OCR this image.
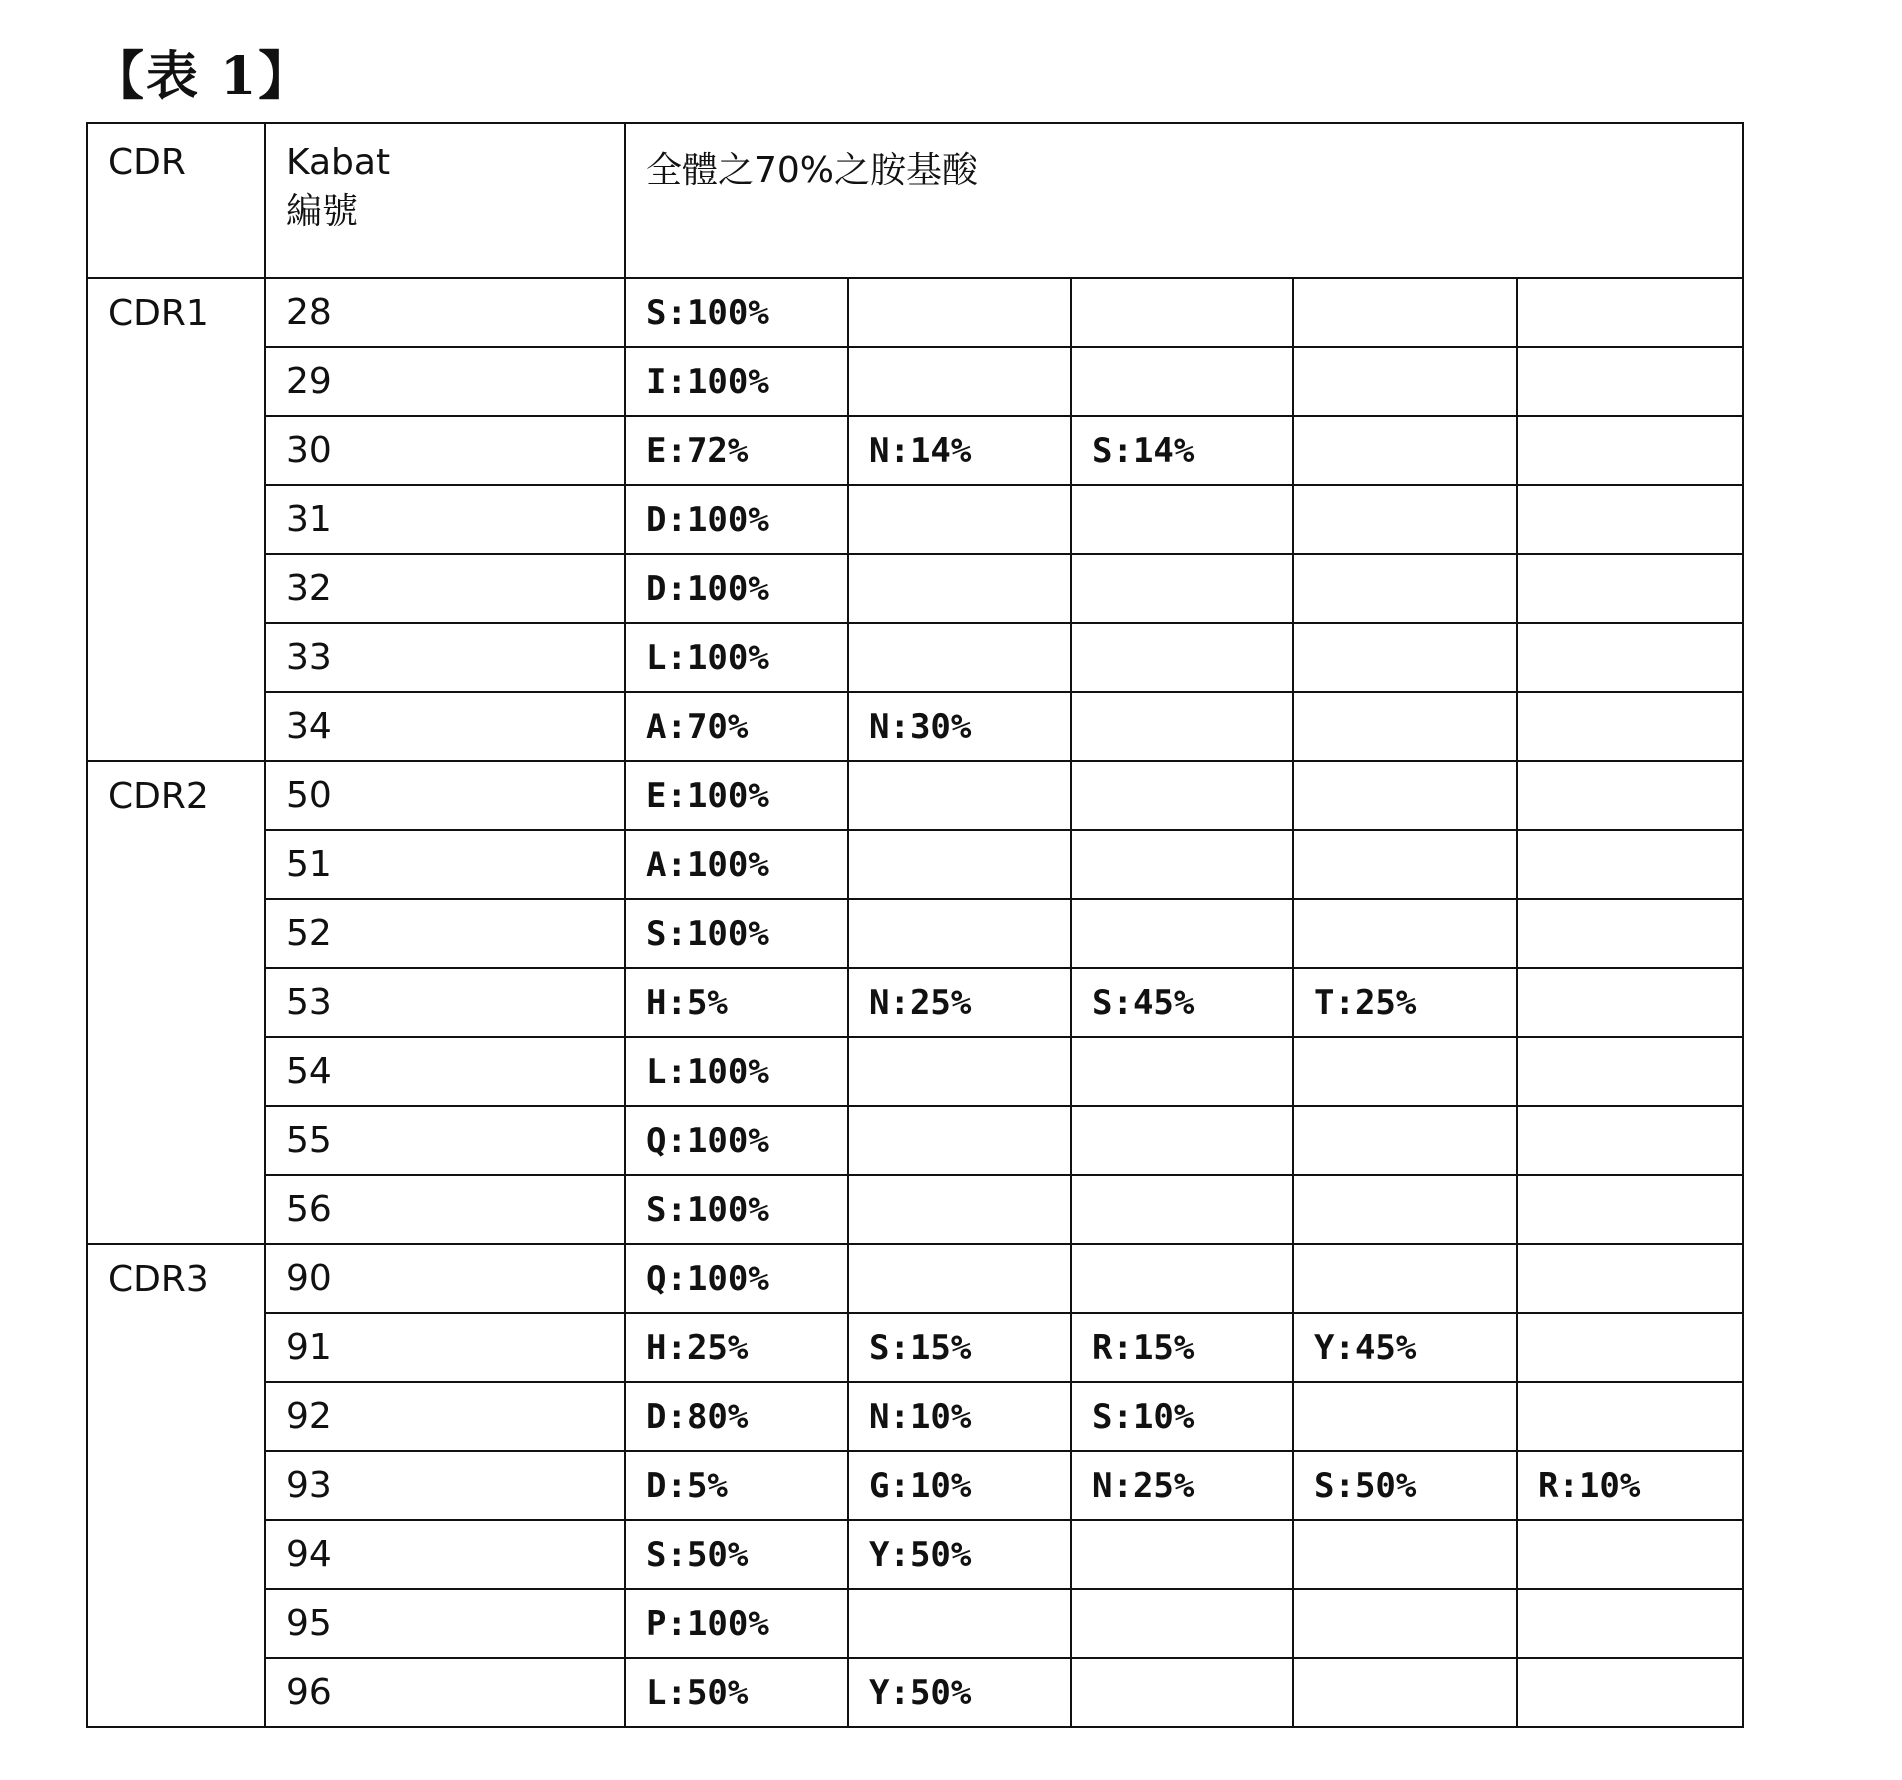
【表 1】
CDR	Kabat
編號	全體之70%之胺基酸
CDR1	28	S:100%				
29	I:100%				
30	E:72%	N:14%	S:14%		
31	D:100%				
32	D:100%				
33	L:100%				
34	A:70%	N:30%			
CDR2	50	E:100%				
51	A:100%				
52	S:100%				
53	H:5%	N:25%	S:45%	T:25%	
54	L:100%				
55	Q:100%				
56	S:100%				
CDR3	90	Q:100%				
91	H:25%	S:15%	R:15%	Y:45%	
92	D:80%	N:10%	S:10%		
93	D:5%	G:10%	N:25%	S:50%	R:10%
94	S:50%	Y:50%			
95	P:100%				
96	L:50%	Y:50%			
